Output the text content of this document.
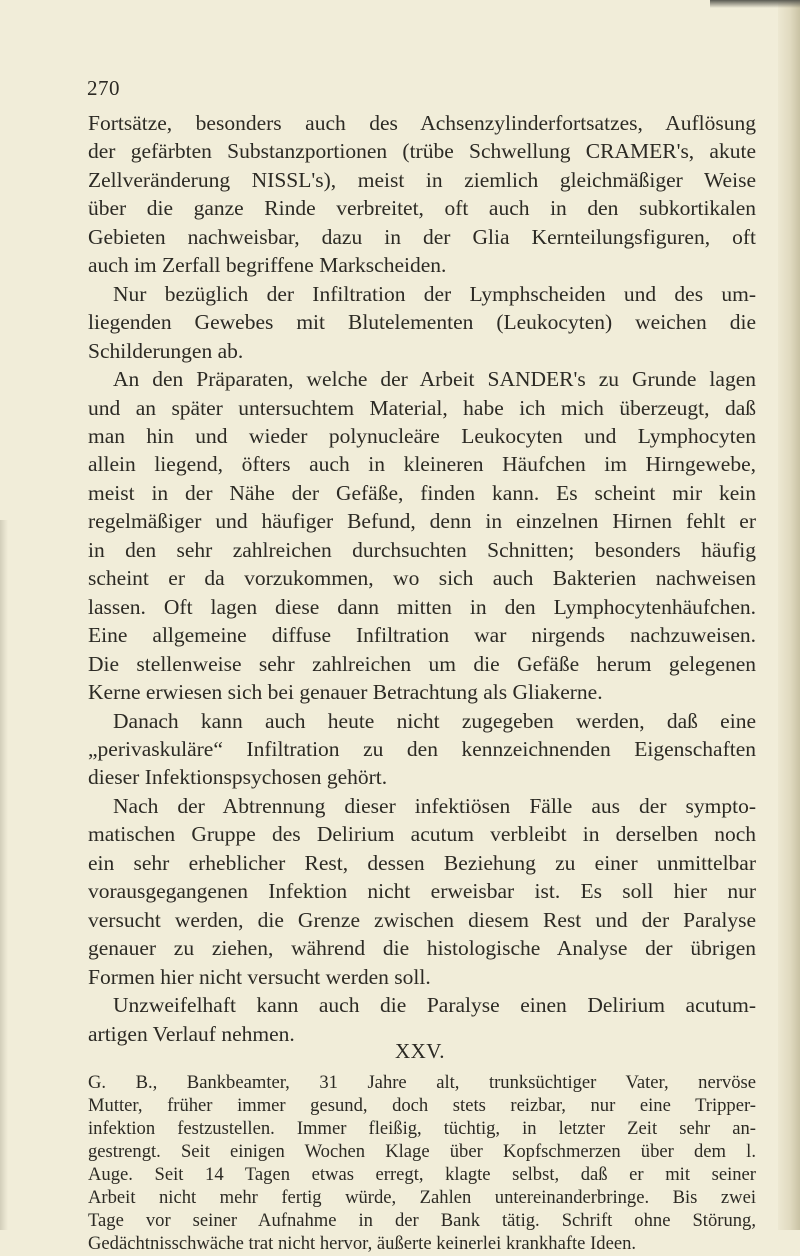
270
Fortsätze, besonders auch des Achsenzylinderfortsatzes, Auflösung
der gefärbten Substanzportionen (trübe Schwellung CRAMER's, akute
Zellveränderung NISSL's), meist in ziemlich gleichmäßiger Weise
über die ganze Rinde verbreitet, oft auch in den subkortikalen
Gebieten nachweisbar, dazu in der Glia Kernteilungsfiguren, oft
auch im Zerfall begriffene Markscheiden.
Nur bezüglich der Infiltration der Lymphscheiden und des um-
liegenden Gewebes mit Blutelementen (Leukocyten) weichen die
Schilderungen ab.
An den Präparaten, welche der Arbeit SANDER's zu Grunde lagen
und an später untersuchtem Material, habe ich mich überzeugt, daß
man hin und wieder polynucleäre Leukocyten und Lymphocyten
allein liegend, öfters auch in kleineren Häufchen im Hirngewebe,
meist in der Nähe der Gefäße, finden kann. Es scheint mir kein
regelmäßiger und häufiger Befund, denn in einzelnen Hirnen fehlt er
in den sehr zahlreichen durchsuchten Schnitten; besonders häufig
scheint er da vorzukommen, wo sich auch Bakterien nachweisen
lassen. Oft lagen diese dann mitten in den Lymphocytenhäufchen.
Eine allgemeine diffuse Infiltration war nirgends nachzuweisen.
Die stellenweise sehr zahlreichen um die Gefäße herum gelegenen
Kerne erwiesen sich bei genauer Betrachtung als Gliakerne.
Danach kann auch heute nicht zugegeben werden, daß eine
„perivaskuläre“ Infiltration zu den kennzeichnenden Eigenschaften
dieser Infektionspsychosen gehört.
Nach der Abtrennung dieser infektiösen Fälle aus der sympto-
matischen Gruppe des Delirium acutum verbleibt in derselben noch
ein sehr erheblicher Rest, dessen Beziehung zu einer unmittelbar
vorausgegangenen Infektion nicht erweisbar ist. Es soll hier nur
versucht werden, die Grenze zwischen diesem Rest und der Paralyse
genauer zu ziehen, während die histologische Analyse der übrigen
Formen hier nicht versucht werden soll.
Unzweifelhaft kann auch die Paralyse einen Delirium acutum-
artigen Verlauf nehmen.
XXV.
G. B., Bankbeamter, 31 Jahre alt, trunksüchtiger Vater, nervöse
Mutter, früher immer gesund, doch stets reizbar, nur eine Tripper-
infektion festzustellen. Immer fleißig, tüchtig, in letzter Zeit sehr an-
gestrengt. Seit einigen Wochen Klage über Kopfschmerzen über dem l.
Auge. Seit 14 Tagen etwas erregt, klagte selbst, daß er mit seiner
Arbeit nicht mehr fertig würde, Zahlen untereinanderbringe. Bis zwei
Tage vor seiner Aufnahme in der Bank tätig. Schrift ohne Störung,
Gedächtnisschwäche trat nicht hervor, äußerte keinerlei krankhafte Ideen.
